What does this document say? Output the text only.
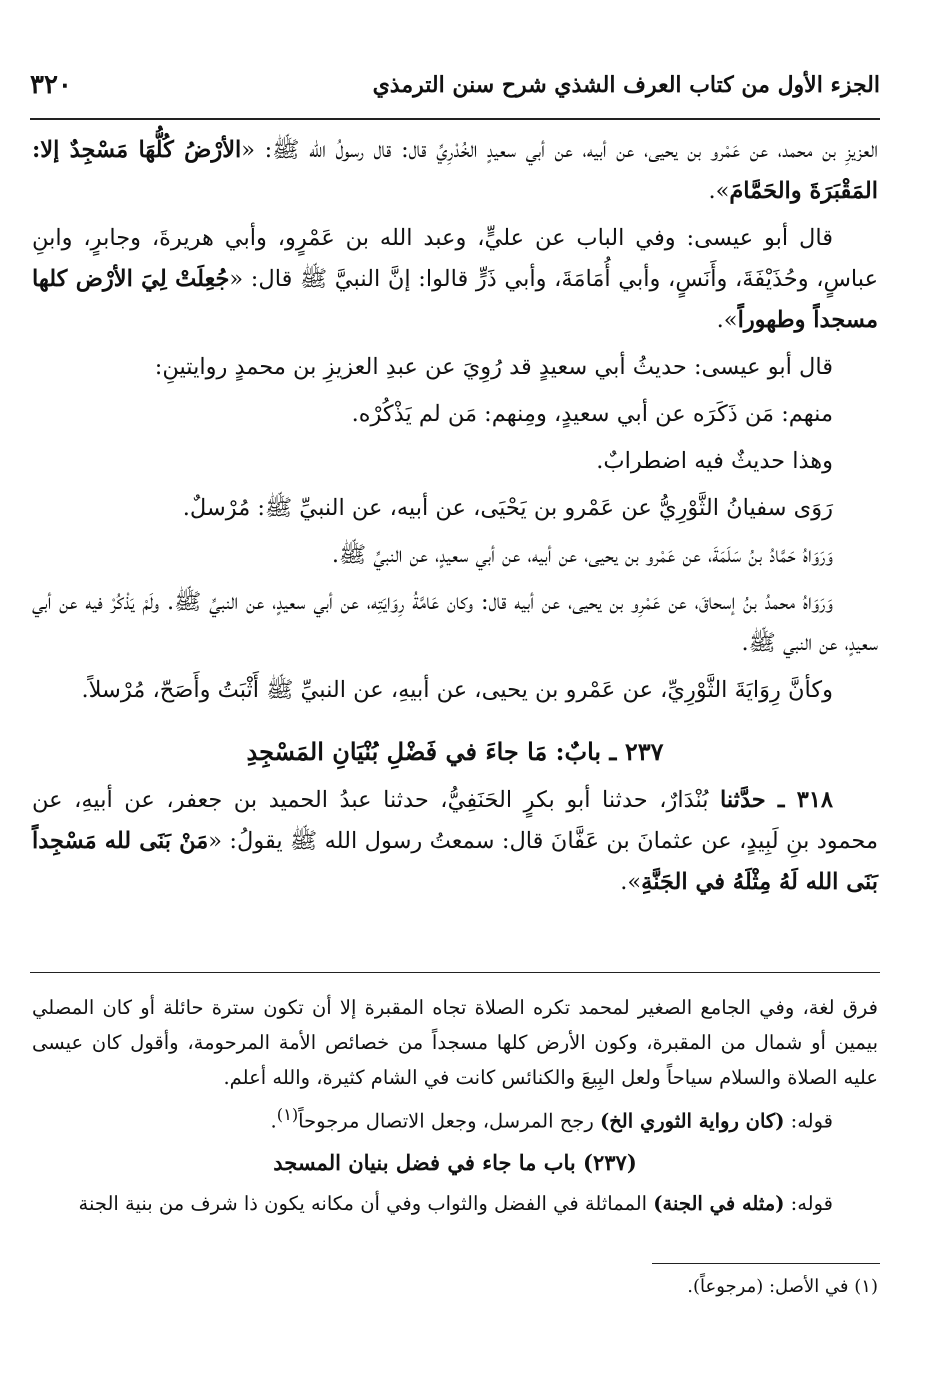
٣٢٠	الجزء الأول من كتاب العرف الشذي شرح سنن الترمذي

العزيزِ بن محمد، عن عَمْرو بن يحيى، عن أبيه، عن أبي سعيدٍ الخُدْرِيِّ قال: قال رسولُ الله ﷺ: «الأرْضُ كُلُّهَا مَسْجِدٌ إلا: المَقْبَرَةَ والحَمَّامَ».

قال أبو عيسى: وفي الباب عن عليٍّ، وعبد الله بن عَمْرٍو، وأبي هريرةَ، وجابرٍ، وابنِ عباسٍ، وحُذَيْفَةَ، وأَنَسٍ، وأبي أُمَامَةَ، وأبي ذَرٍّ قالوا: إنَّ النبيَّ ﷺ قال: «جُعِلَتْ لِيَ الأرْض كلها مسجداً وطهوراً».

قال أبو عيسى: حديثُ أبي سعيدٍ قد رُوِيَ عن عبدِ العزيزِ بن محمدٍ روايتينِ:

منهم: مَن ذَكَرَه عن أبي سعيدٍ، ومِنهم: مَن لم يَذْكُرْه.

وهذا حديثٌ فيه اضطرابٌ.

رَوَى سفيانُ الثَّوْرِيُّ عن عَمْرو بن يَحْيَى، عن أبيه، عن النبيِّ ﷺ: مُرْسلٌ.

وَرَوَاهُ حَمَّادُ بنُ سَلَمَةَ، عن عَمْرو بن يحيى، عن أبيه، عن أبي سعيدٍ، عن النبيِّ ﷺ.

وَرَوَاهُ محمدُ بنُ إسحاقَ، عن عَمْرِو بن يحيى، عن أبيه قال: وكان عَامَّةُ رِوَايَتِه، عن أبي سعيدٍ، عن النبيِّ ﷺ. ولَمْ يَذْكُرْ فيه عن أبي سعيدٍ، عن النبي ﷺ.

وكأنَّ رِوَايَةَ الثَّوْرِيِّ، عن عَمْرو بن يحيى، عن أبيهِ، عن النبيِّ ﷺ أَثْبَتُ وأَصَحّ، مُرْسلاً.

٢٣٧ ـ بابٌ: مَا جاءَ في فَضْلِ بُنْيَانِ المَسْجِدِ

٣١٨ ـ حدَّثنا بُنْدَارٌ، حدثنا أبو بكرٍ الحَنَفِيُّ، حدثنا عبدُ الحميد بن جعفر، عن أبيهِ، عن محمود بنِ لَبِيدٍ، عن عثمانَ بن عَفَّانَ قال: سمعتُ رسول الله ﷺ يقولُ: «مَنْ بَنَى لله مَسْجِداً بَنَى الله لَهُ مِثْلَهُ في الجَنَّةِ».

فرق لغة، وفي الجامع الصغير لمحمد تكره الصلاة تجاه المقبرة إلا أن تكون سترة حائلة أو كان المصلي بيمين أو شمال من المقبرة، وكون الأرض كلها مسجداً من خصائص الأمة المرحومة، وأقول كان عيسى عليه الصلاة والسلام سياحاً ولعل البِيعَ والكنائس كانت في الشام كثيرة، والله أعلم.

قوله: (كان رواية الثوري الخ) رجح المرسل، وجعل الاتصال مرجوحاً$^{(١)}$.

(٢٣٧) باب ما جاء في فضل بنيان المسجد

قوله: (مثله في الجنة) المماثلة في الفضل والثواب وفي أن مكانه يكون ذا شرف من بنية الجنة

(١) في الأصل: (مرجوعاً).
